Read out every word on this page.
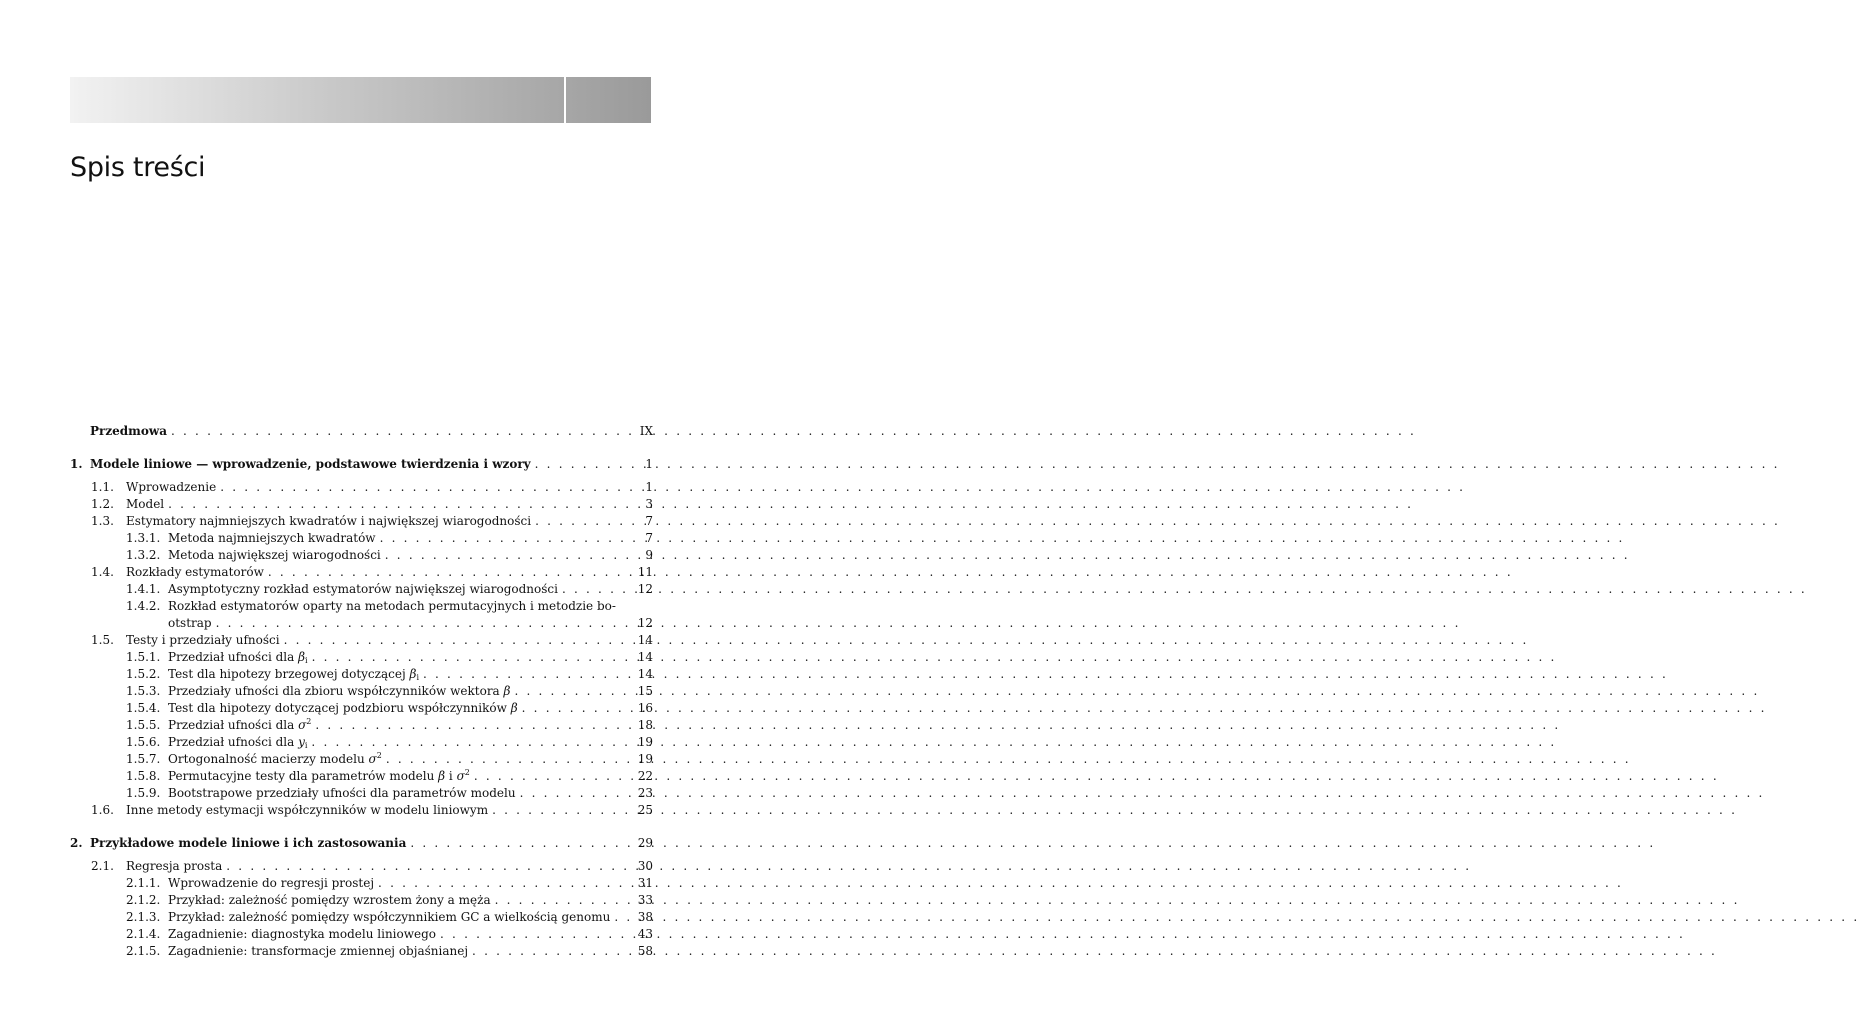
Spis treści
Przedmowa . . .	IX
1. Modele liniowe — wprowadzenie, podstawowe twierdzenia i wzory . . .	1
1.1.	Wprowadzenie . . .	1
1.2.	Model . . .	3
1.3.	Estymatory najmniejszych kwadratów i największej wiarogodności . . .	7
1.3.1. Metoda najmniejszych kwadratów . . .	7
1.3.2. Metoda największej wiarogodności . . .	9
1.4.	Rozkłady estymatorów . . .	11
1.4.1. Asymptotyczny rozkład estymatorów największej wiarogodności . . .	12
1.4.2. Rozkład estymatorów oparty na metodach permutacyjnych i metodzie bo-
otstrap . . .	12
1.5.	Testy i przedziały ufności . . .	14
1.5.1. Przedział ufności dla $\beta_i$ . . .	14
1.5.2. Test dla hipotezy brzegowej dotyczącej $\beta_i$ . . .	14
1.5.3. Przedziały ufności dla zbioru współczynników wektora β . . .	15
1.5.4. Test dla hipotezy dotyczącej podzbioru współczynników β . . .	16
1.5.5. Przedział ufności dla $\sigma^2$ . . .	18
1.5.6. Przedział ufności dla $y_i$ . . .	19
1.5.7. Ortogonalność macierzy modelu $\sigma^2$ . . .	19
1.5.8. Permutacyjne testy dla parametrów modelu β i $\sigma^2$ . . .	22
1.5.9. Bootstrapowe przedziały ufności dla parametrów modelu . . .	23
1.6.	Inne metody estymacji współczynników w modelu liniowym . . .	25
2. Przykładowe modele liniowe i ich zastosowania . . .	29
2.1.	Regresja prosta . . .	30
2.1.1. Wprowadzenie do regresji prostej . . .	31
2.1.2. Przykład: zależność pomiędzy wzrostem żony a męża . . .	33
2.1.3. Przykład: zależność pomiędzy współczynnikiem GC a wielkością genomu . . . 38
2.1.4. Zagadnienie: diagnostyka modelu liniowego . . .	43
2.1.5. Zagadnienie: transformacje zmiennej objaśnianej . . .	58
